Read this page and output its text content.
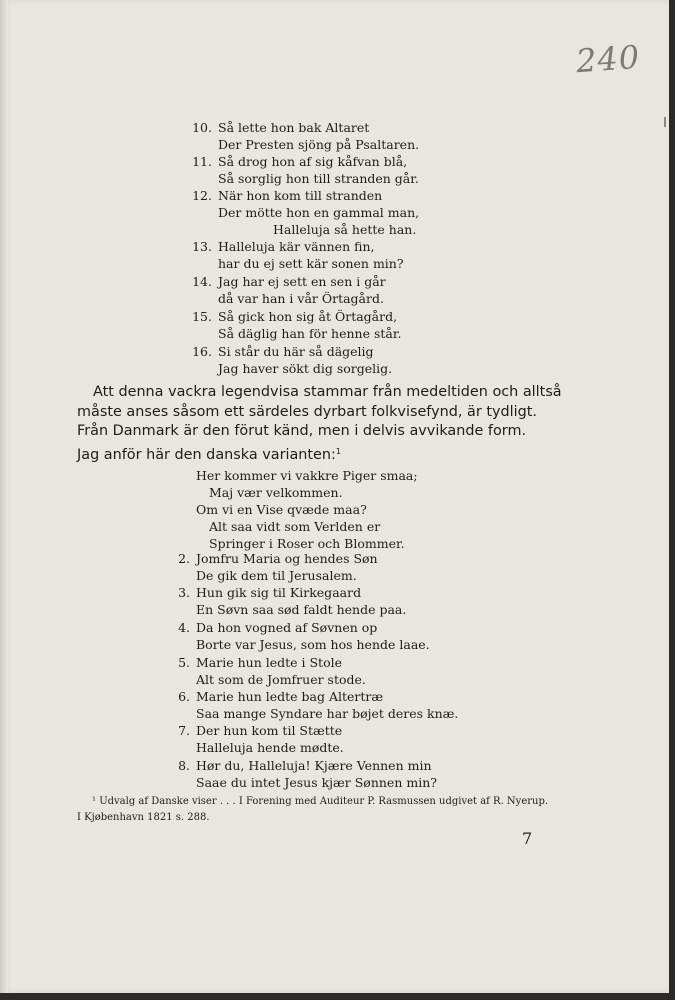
240
10. Så lette hon bak Altaret
Der Presten sjöng på Psaltaren.
11. Så drog hon af sig kåfvan blå,
Så sorglig hon till stranden går.
12. När hon kom till stranden
Der mötte hon en gammal man,
Halleluja så hette han.
13. Halleluja kär vännen fin,
har du ej sett kär sonen min?
14. Jag har ej sett en sen i går
då var han i vår Örtagård.
15. Så gick hon sig åt Örtagård,
Så däglig han för henne står.
16. Si står du här så dägelig
Jag haver sökt dig sorgelig.

Att denna vackra legendvisa stammar från medeltiden och alltså
måste anses såsom ett särdeles dyrbart folkvisefynd, är tydligt.
Från Danmark är den förut känd, men i delvis avvikande form.
Jag anför här den danska varianten:$^1$

Her kommer vi vakkre Piger smaa;
Maj vær velkommen.
Om vi en Vise qvæde maa?
Alt saa vidt som Verlden er
Springer i Roser och Blommer.
2. Jomfru Maria og hendes Søn
De gik dem til Jerusalem.
3. Hun gik sig til Kirkegaard
En Søvn saa sød faldt hende paa.
4. Da hon vogned af Søvnen op
Borte var Jesus, som hos hende laae.
5. Marie hun ledte i Stole
Alt som de Jomfruer stode.
6. Marie hun ledte bag Altertræ
Saa mange Syndare har bøjet deres knæ.
7. Der hun kom til Stætte
Halleluja hende mødte.
8. Hør du, Halleluja! Kjære Vennen min
Saae du intet Jesus kjær Sønnen min?
¹ Udvalg af Danske viser . . . I Forening med Auditeur P. Rasmussen udgivet af R. Nyerup.
I Kjøbenhavn 1821 s. 288.
7
